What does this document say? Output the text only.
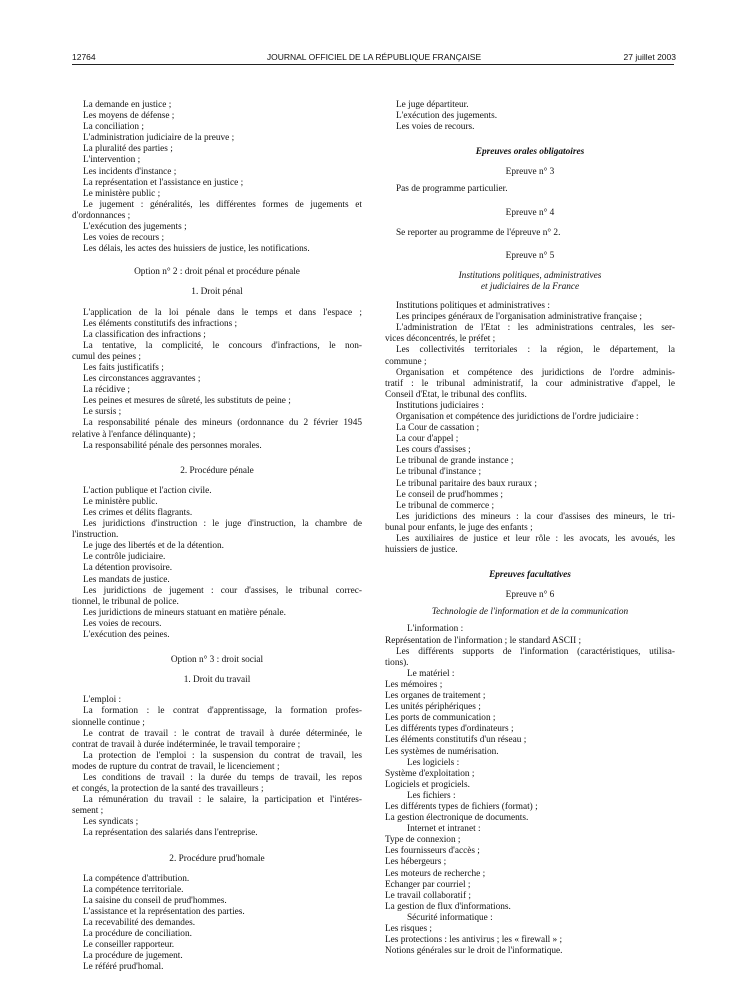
12764	JOURNAL OFFICIEL DE LA RÉPUBLIQUE FRANÇAISE	27 juillet 2003

La demande en justice ;

Les moyens de défense ;

La conciliation ;

L'administration judiciaire de la preuve ;

La pluralité des parties ;

L'intervention ;

Les incidents d'instance ;

La représentation et l'assistance en justice ;

Le ministère public ;

Le jugement : généralités, les différentes formes de jugements et

d'ordonnances ;

L'exécution des jugements ;

Les voies de recours ;

Les délais, les actes des huissiers de justice, les notifications.

Option n° 2 : droit pénal et procédure pénale
1. Droit pénal

L'application de la loi pénale dans le temps et dans l'espace ;

Les éléments constitutifs des infractions ;

La classification des infractions ;

La tentative, la complicité, le concours d'infractions, le non-

cumul des peines ;

Les faits justificatifs ;

Les circonstances aggravantes ;

La récidive ;

Les peines et mesures de sûreté, les substituts de peine ;

Le sursis ;

La responsabilité pénale des mineurs (ordonnance du 2 février 1945

relative à l'enfance délinquante) ;

La responsabilité pénale des personnes morales.

2. Procédure pénale

L'action publique et l'action civile.

Le ministère public.

Les crimes et délits flagrants.

Les juridictions d'instruction : le juge d'instruction, la chambre de

l'instruction.

Le juge des libertés et de la détention.

Le contrôle judiciaire.

La détention provisoire.

Les mandats de justice.

Les juridictions de jugement : cour d'assises, le tribunal correc-

tionnel, le tribunal de police.

Les juridictions de mineurs statuant en matière pénale.

Les voies de recours.

L'exécution des peines.

Option n° 3 : droit social
1. Droit du travail

L'emploi :

La formation : le contrat d'apprentissage, la formation profes-

sionnelle continue ;

Le contrat de travail : le contrat de travail à durée déterminée, le

contrat de travail à durée indéterminée, le travail temporaire ;

La protection de l'emploi : la suspension du contrat de travail, les

modes de rupture du contrat de travail, le licenciement ;

Les conditions de travail : la durée du temps de travail, les repos

et congés, la protection de la santé des travailleurs ;

La rémunération du travail : le salaire, la participation et l'intéres-

sement ;

Les syndicats ;

La représentation des salariés dans l'entreprise.

2. Procédure prud'homale

La compétence d'attribution.

La compétence territoriale.

La saisine du conseil de prud'hommes.

L'assistance et la représentation des parties.

La recevabilité des demandes.

La procédure de conciliation.

Le conseiller rapporteur.

La procédure de jugement.

Le référé prud'homal.

Le juge départiteur.

L'exécution des jugements.

Les voies de recours.

Epreuves orales obligatoires
Epreuve n° 3

Pas de programme particulier.

Epreuve n° 4

Se reporter au programme de l'épreuve n° 2.

Epreuve n° 5
Institutions politiques, administratives
et judiciaires de la France

Institutions politiques et administratives :

Les principes généraux de l'organisation administrative française ;

L'administration de l'Etat : les administrations centrales, les ser-

vices déconcentrés, le préfet ;

Les collectivités territoriales : la région, le département, la

commune ;

Organisation et compétence des juridictions de l'ordre adminis-

tratif : le tribunal administratif, la cour administrative d'appel, le

Conseil d'Etat, le tribunal des conflits.

Institutions judiciaires :

Organisation et compétence des juridictions de l'ordre judiciaire :

La Cour de cassation ;

La cour d'appel ;

Les cours d'assises ;

Le tribunal de grande instance ;

Le tribunal d'instance ;

Le tribunal paritaire des baux ruraux ;

Le conseil de prud'hommes ;

Le tribunal de commerce ;

Les juridictions des mineurs : la cour d'assises des mineurs, le tri-

bunal pour enfants, le juge des enfants ;

Les auxiliaires de justice et leur rôle : les avocats, les avoués, les

huissiers de justice.

Epreuves facultatives
Epreuve n° 6
Technologie de l'information et de la communication

L'information :

Représentation de l'information ; le standard ASCII ;

Les différents supports de l'information (caractéristiques, utilisa-

tions).

Le matériel :

Les mémoires ;

Les organes de traitement ;

Les unités périphériques ;

Les ports de communication ;

Les différents types d'ordinateurs ;

Les éléments constitutifs d'un réseau ;

Les systèmes de numérisation.

Les logiciels :

Système d'exploitation ;

Logiciels et progiciels.

Les fichiers :

Les différents types de fichiers (format) ;

La gestion électronique de documents.

Internet et intranet :

Type de connexion ;

Les fournisseurs d'accès ;

Les hébergeurs ;

Les moteurs de recherche ;

Echanger par courriel ;

Le travail collaboratif ;

La gestion de flux d'informations.

Sécurité informatique :

Les risques ;

Les protections : les antivirus ; les « firewall » ;

Notions générales sur le droit de l'informatique.
